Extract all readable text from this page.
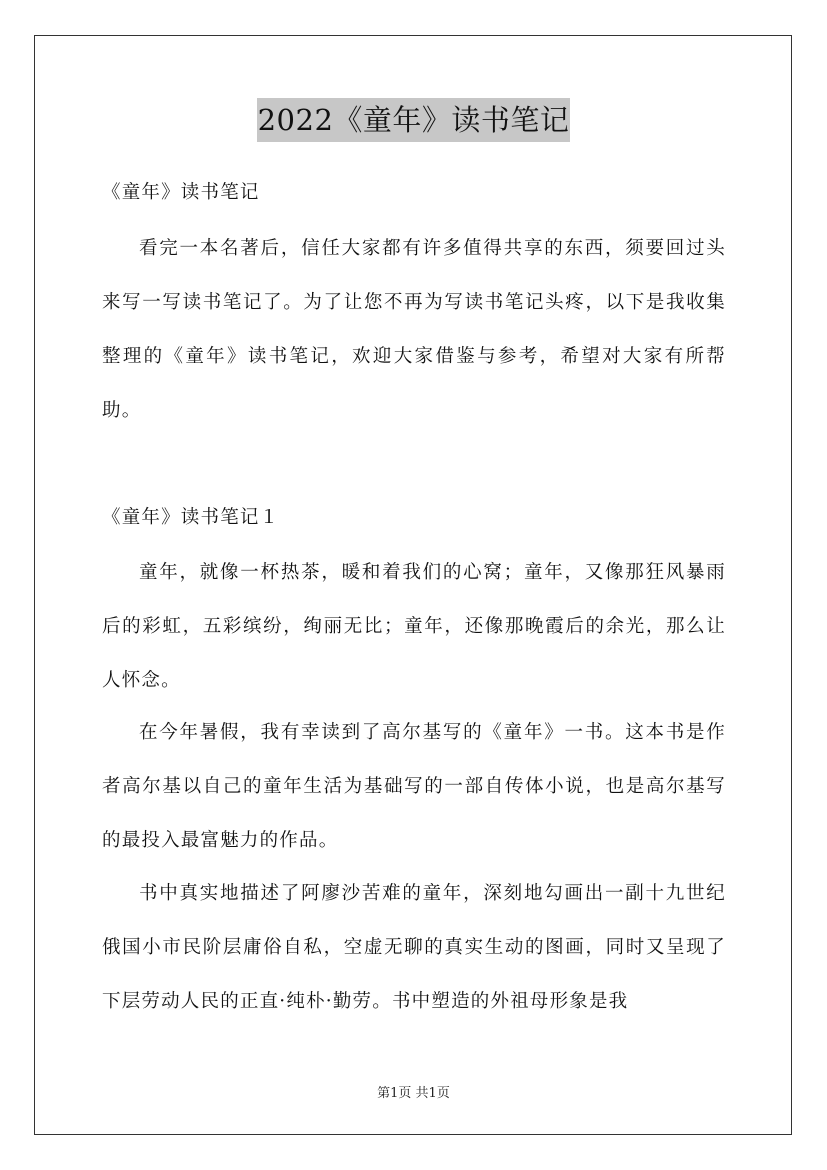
2022《童年》读书笔记

《童年》读书笔记

看完一本名著后，信任大家都有许多值得共享的东西，须要回过头来写一写读书笔记了。为了让您不再为写读书笔记头疼，以下是我收集整理的《童年》读书笔记，欢迎大家借鉴与参考，希望对大家有所帮助。

《童年》读书笔记１

童年，就像一杯热茶，暖和着我们的心窝；童年，又像那狂风暴雨后的彩虹，五彩缤纷，绚丽无比；童年，还像那晚霞后的余光，那么让人怀念。

在今年暑假，我有幸读到了高尔基写的《童年》一书。这本书是作者高尔基以自己的童年生活为基础写的一部自传体小说，也是高尔基写的最投入最富魅力的作品。

书中真实地描述了阿廖沙苦难的童年，深刻地勾画出一副十九世纪俄国小市民阶层庸俗自私，空虚无聊的真实生动的图画，同时又呈现了下层劳动人民的正直·纯朴·勤劳。书中塑造的外祖母形象是我

第1页 共1页
